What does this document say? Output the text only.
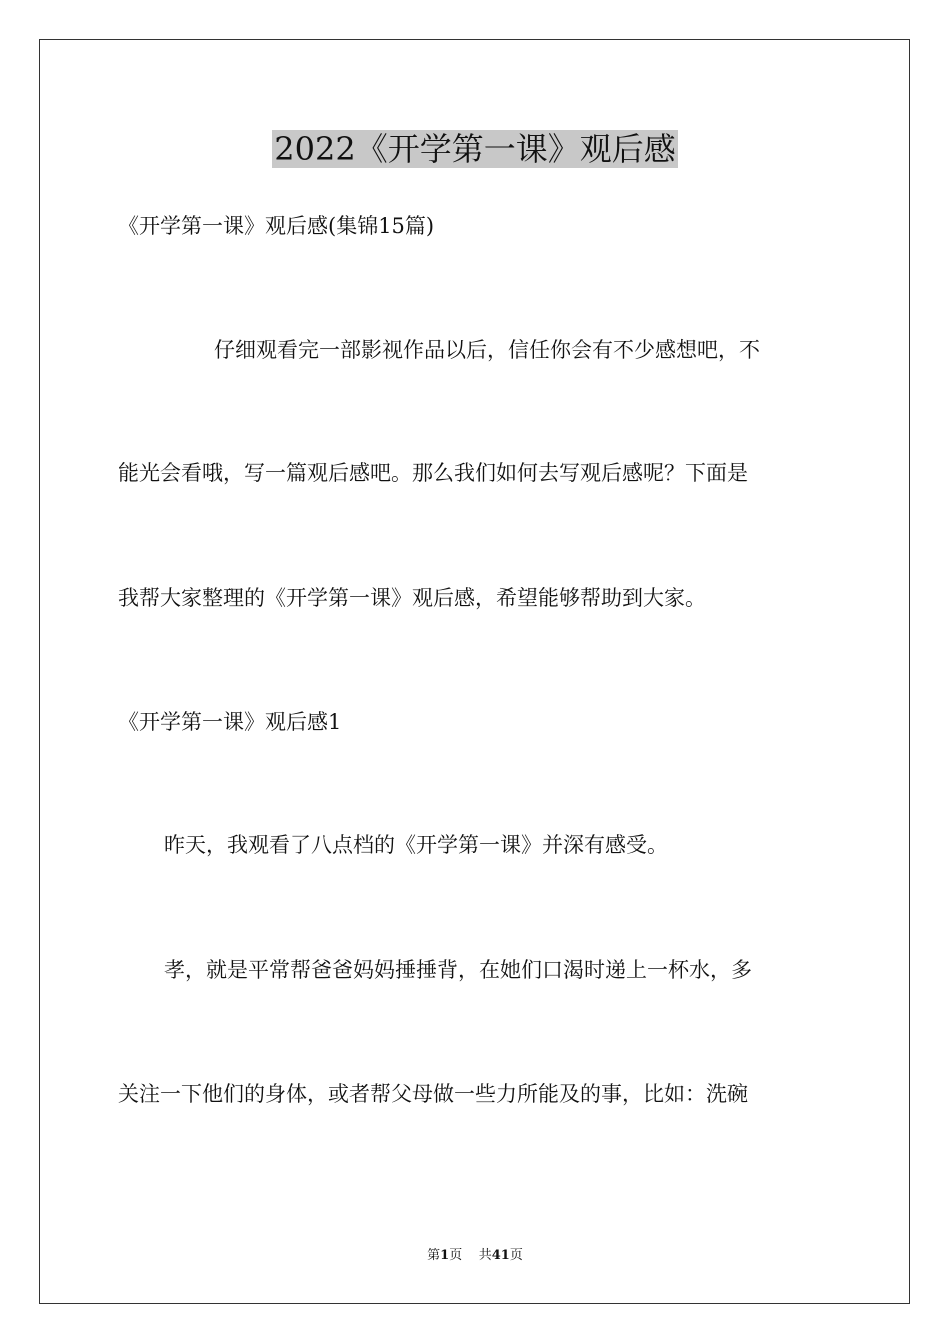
2022《开学第一课》观后感

《开学第一课》观后感(集锦15篇)

仔细观看完一部影视作品以后，信任你会有不少感想吧，不

能光会看哦，写一篇观后感吧。那么我们如何去写观后感呢？下面是

我帮大家整理的《开学第一课》观后感，希望能够帮助到大家。

《开学第一课》观后感1

昨天，我观看了八点档的《开学第一课》并深有感受。

孝，就是平常帮爸爸妈妈捶捶背，在她们口渴时递上一杯水，多

关注一下他们的身体，或者帮父母做一些力所能及的事，比如：洗碗

第1页 共41页
